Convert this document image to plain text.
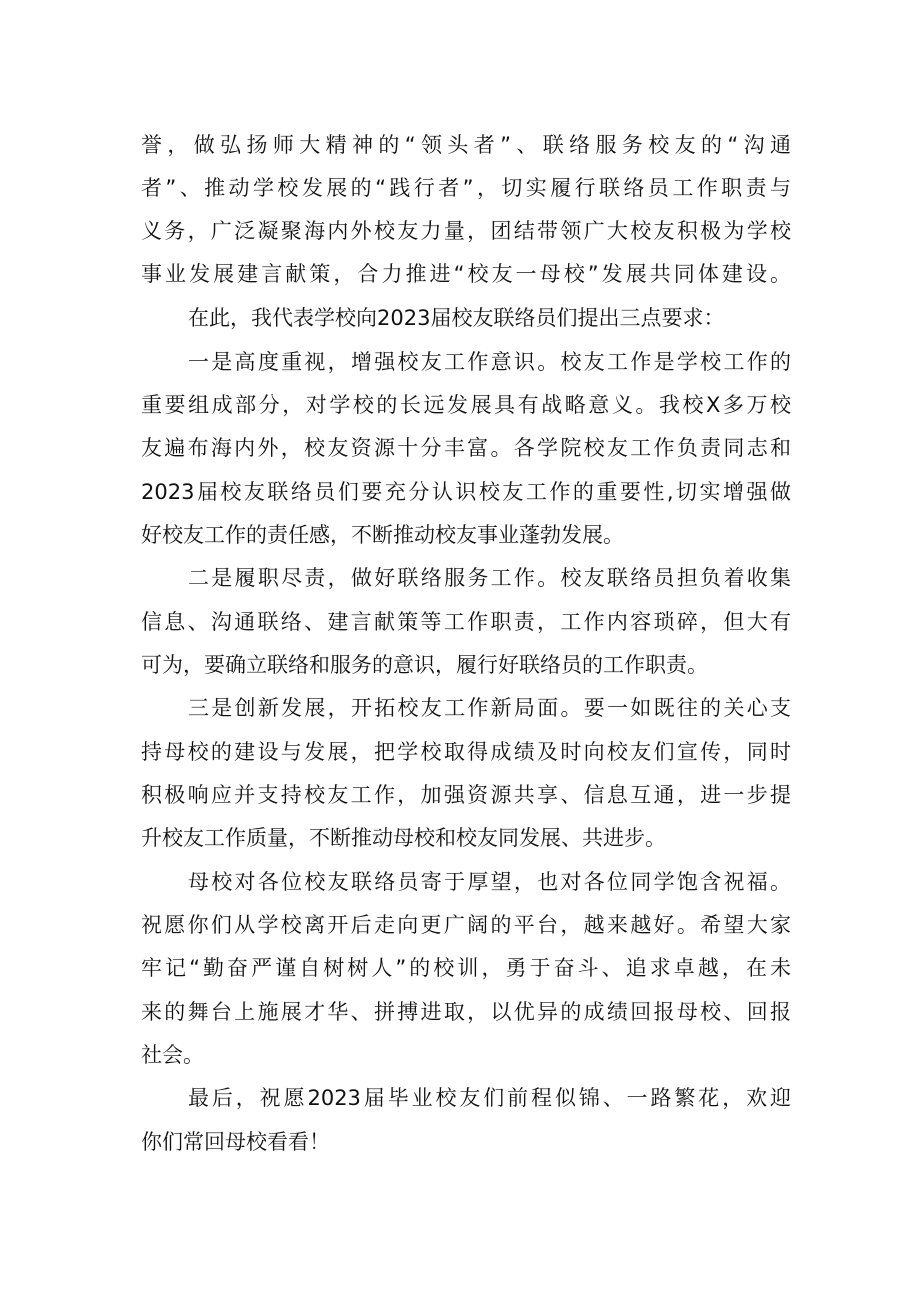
誉，做弘扬师大精神的“领头者”、联络服务校友的“沟通
者”、推动学校发展的“践行者”，切实履行联络员工作职责与
义务，广泛凝聚海内外校友力量，团结带领广大校友积极为学校
事业发展建言献策，合力推进“校友一母校”发展共同体建设。
在此，我代表学校向2023届校友联络员们提出三点要求：
一是高度重视，增强校友工作意识。校友工作是学校工作的
重要组成部分，对学校的长远发展具有战略意义。我校X多万校
友遍布海内外，校友资源十分丰富。各学院校友工作负责同志和
2023届校友联络员们要充分认识校友工作的重要性,切实增强做
好校友工作的责任感，不断推动校友事业蓬勃发展。
二是履职尽责，做好联络服务工作。校友联络员担负着收集
信息、沟通联络、建言献策等工作职责，工作内容琐碎，但大有
可为，要确立联络和服务的意识，履行好联络员的工作职责。
三是创新发展，开拓校友工作新局面。要一如既往的关心支
持母校的建设与发展，把学校取得成绩及时向校友们宣传，同时
积极响应并支持校友工作，加强资源共享、信息互通，进一步提
升校友工作质量，不断推动母校和校友同发展、共进步。
母校对各位校友联络员寄于厚望，也对各位同学饱含祝福。
祝愿你们从学校离开后走向更广阔的平台，越来越好。希望大家
牢记“勤奋严谨自树树人”的校训，勇于奋斗、追求卓越，在未
来的舞台上施展才华、拼搏进取，以优异的成绩回报母校、回报
社会。
最后，祝愿2023届毕业校友们前程似锦、一路繁花，欢迎
你们常回母校看看！
